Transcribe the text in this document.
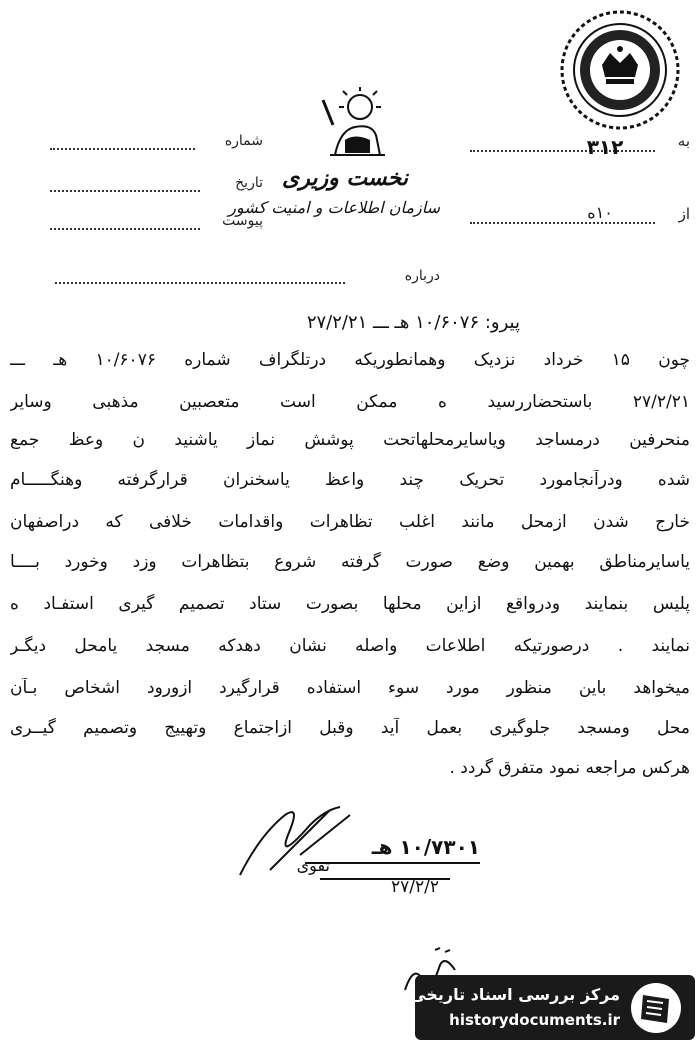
نخست وزیری
سازمان اطلاعات و امنیت کشور
شماره
تاریخ
پیوست
به
۳۱۲
از
۱۰ه
درباره
پیرو: ۱۰/۶۰۷۶ هـ ـــ ۲۷/۲/۲۱
چون ۱۵ خرداد نزدیک وهمانطوریکه درتلگراف شماره ۱۰/۶۰۷۶ هـ ـــ
۲۷/۲/۲۱ باستحضاررسید ه ممکن است متعصبین مذهبی وسایر
منحرفین درمساجد ویاسایرمحلهاتحت پوشش نماز یاشنید ن وعظ جمع
شده ودرآنجامورد تحریک چند واعظ یاسخنران قرارگرفته وهنگـــــام
خارج شدن ازمحل مانند اغلب تظاهرات واقدامات خلافی که دراصفهان
یاسایرمناطق بهمین وضع صورت گرفته شروع بتظاهرات وزد وخورد بــــا
پلیس بنمایند ودرواقع ازاین محلها بصورت ستاد تصمیم گیری استفـاد ه
نمایند . درصورتیکه اطلاعات واصله نشان دهدکه مسجد یامحل دیگـر
میخواهد باین منظور مورد سوء استفاده قرارگیرد ازورود اشخاص بـآن
محل ومسجد جلوگیری بعمل آید وقبل ازاجتماع وتهییج وتصمیم گیــری
هرکس مراجعه نمود متفرق گردد .
۱۰/۷۳۰۱ هـ
تقوی
۲۷/۲/۲
مرکز بررسی اسناد تاریخی
historydocuments.ir
